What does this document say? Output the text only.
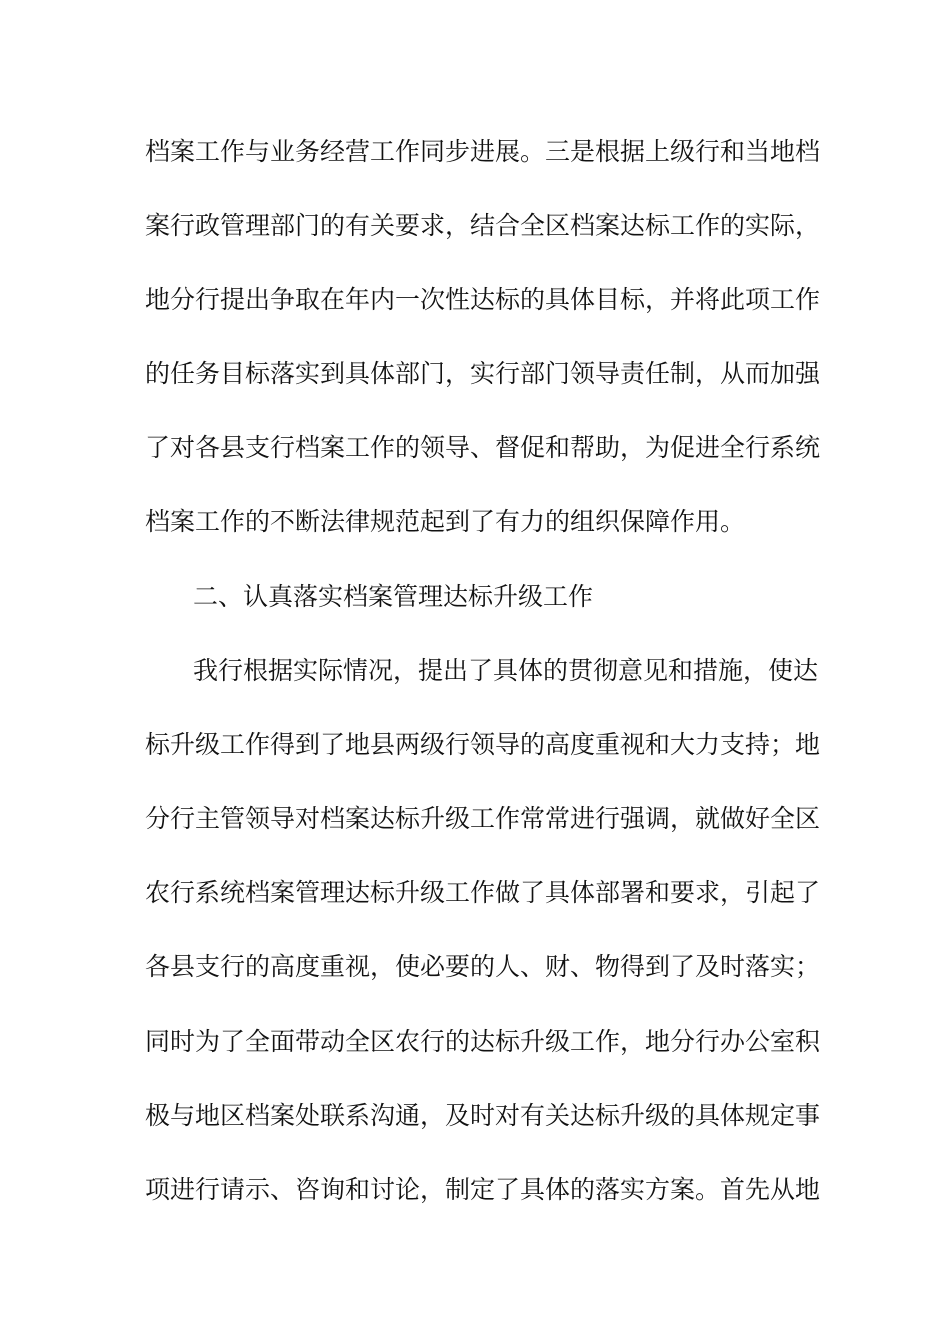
档案工作与业务经营工作同步进展。三是根据上级行和当地档
案行政管理部门的有关要求，结合全区档案达标工作的实际，
地分行提出争取在年内一次性达标的具体目标，并将此项工作
的任务目标落实到具体部门，实行部门领导责任制，从而加强
了对各县支行档案工作的领导、督促和帮助，为促进全行系统
档案工作的不断法律规范起到了有力的组织保障作用。
二、认真落实档案管理达标升级工作
我行根据实际情况，提出了具体的贯彻意见和措施，使达
标升级工作得到了地县两级行领导的高度重视和大力支持；地
分行主管领导对档案达标升级工作常常进行强调，就做好全区
农行系统档案管理达标升级工作做了具体部署和要求，引起了
各县支行的高度重视，使必要的人、财、物得到了及时落实；
同时为了全面带动全区农行的达标升级工作，地分行办公室积
极与地区档案处联系沟通，及时对有关达标升级的具体规定事
项进行请示、咨询和讨论，制定了具体的落实方案。首先从地
